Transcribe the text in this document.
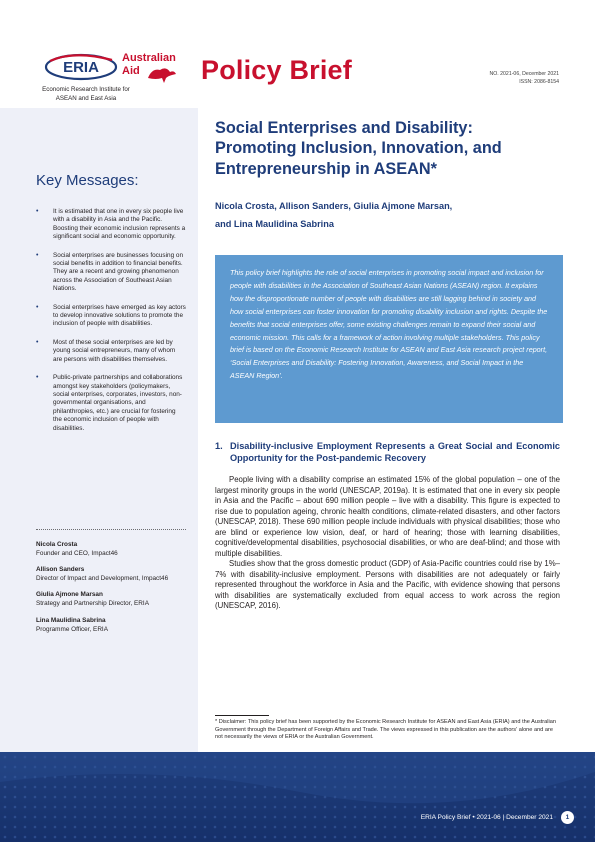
ERIA
Australian
Aid
Economic Research Institute for ASEAN and East Asia
Policy Brief	NO. 2021-06, December 2021
ISSN: 2086-8154
Key Messages:
• It is estimated that one in every six people live with a disability in Asia and the Pacific. Boosting their economic inclusion represents a significant social and economic opportunity.
• Social enterprises are businesses focusing on social benefits in addition to financial benefits. They are a recent and growing phenomenon across the Association of Southeast Asian Nations.
• Social enterprises have emerged as key actors to develop innovative solutions to promote the inclusion of people with disabilities.
• Most of these social enterprises are led by young social entrepreneurs, many of whom are persons with disabilities themselves.
• Public-private partnerships and collaborations amongst key stakeholders (policymakers, social enterprises, corporates, investors, non-governmental organisations, and philanthropies, etc.) are crucial for fostering the economic inclusion of people with disabilities.
Nicola Crosta
Founder and CEO, Impact46
Allison Sanders
Director of Impact and Development, Impact46
Giulia Ajmone Marsan
Strategy and Partnership Director, ERIA
Lina Maulidina Sabrina
Programme Officer, ERIA
Social Enterprises and Disability: Promoting Inclusion, Innovation, and Entrepreneurship in ASEAN*
Nicola Crosta, Allison Sanders, Giulia Ajmone Marsan,
and Lina Maulidina Sabrina

This policy brief highlights the role of social enterprises in promoting social impact and inclusion for people with disabilities in the Association of Southeast Asian Nations (ASEAN) region. It explains how the disproportionate number of people with disabilities are still lagging behind in society and how social enterprises can foster innovation for promoting disability inclusion and rights. Despite the benefits that social enterprises offer, some existing challenges remain to expand their social and economic mission. This calls for a framework of action involving multiple stakeholders. This policy brief is based on the Economic Research Institute for ASEAN and East Asia research project report, ‘Social Enterprises and Disability: Fostering Innovation, Awareness, and Social Impact in the ASEAN Region’.

1. Disability-inclusive Employment Represents a Great Social and Economic Opportunity for the Post-pandemic Recovery

People living with a disability comprise an estimated 15% of the global population – one of the largest minority groups in the world (UNESCAP, 2019a). It is estimated that one in every six people in Asia and the Pacific – about 690 million people – live with a disability. This figure is expected to rise due to population ageing, chronic health conditions, climate-related disasters, and other factors (UNESCAP, 2018). These 690 million people include individuals with physical disabilities; those who are blind or experience low vision, deaf, or hard of hearing; those with learning disabilities, cognitive/developmental disabilities, psychosocial disabilities, or who are deaf-blind; and those with multiple disabilities.

Studies show that the gross domestic product (GDP) of Asia-Pacific countries could rise by 1%–7% with disability-inclusive employment. Persons with disabilities are not adequately or fairly represented throughout the workforce in Asia and the Pacific, with evidence showing that persons with disabilities are systematically excluded from equal access to work across the region (UNESCAP, 2016).

* Disclaimer: This policy brief has been supported by the Economic Research Institute for ASEAN and East Asia (ERIA) and the Australian Government through the Department of Foreign Affairs and Trade. The views expressed in this publication are the authors' alone and are not necessarily the views of ERIA or the Australian Government.
ERIA Policy Brief • 2021-06 | December 2021	1
